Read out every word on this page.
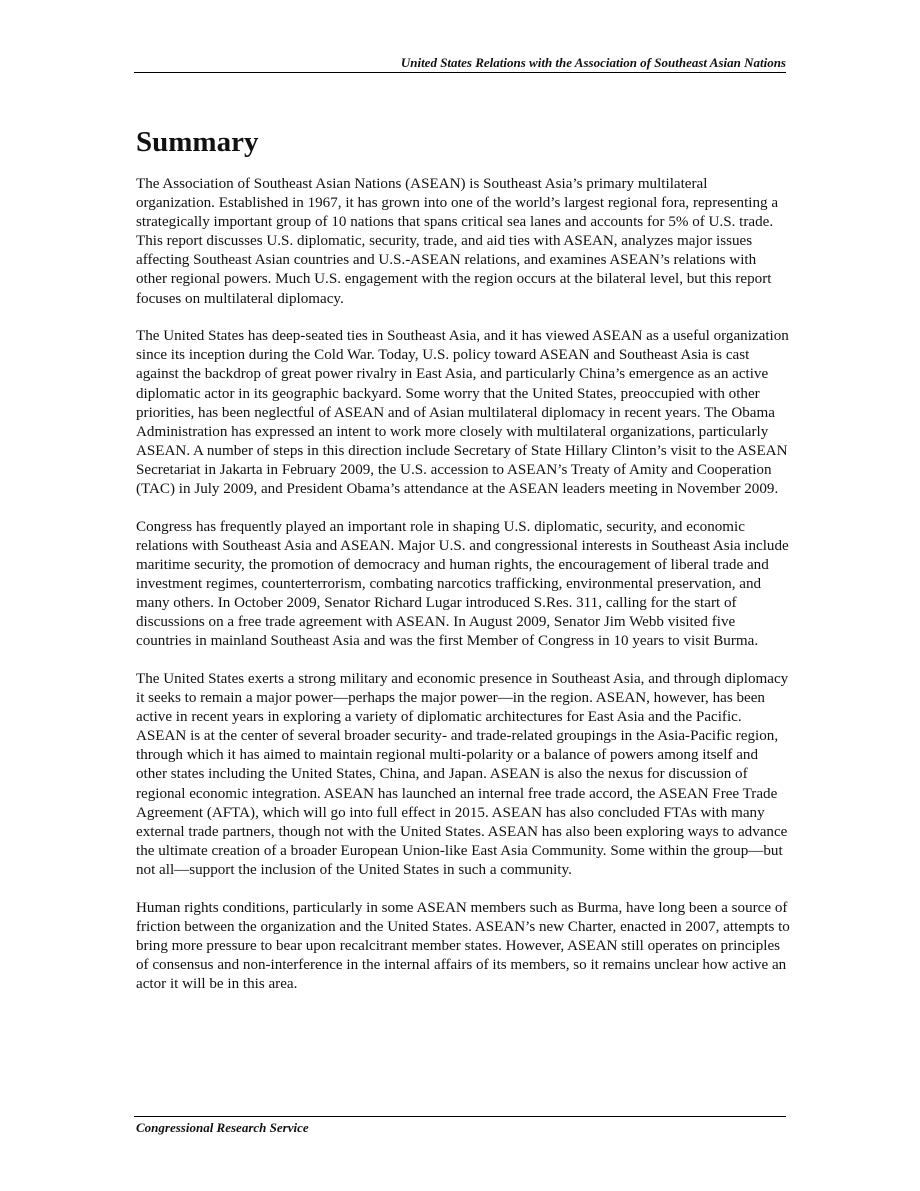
United States Relations with the Association of Southeast Asian Nations
Summary

The Association of Southeast Asian Nations (ASEAN) is Southeast Asia’s primary multilateral organization. Established in 1967, it has grown into one of the world’s largest regional fora, representing a strategically important group of 10 nations that spans critical sea lanes and accounts for 5% of U.S. trade. This report discusses U.S. diplomatic, security, trade, and aid ties with ASEAN, analyzes major issues affecting Southeast Asian countries and U.S.-ASEAN relations, and examines ASEAN’s relations with other regional powers. Much U.S. engagement with the region occurs at the bilateral level, but this report focuses on multilateral diplomacy.

The United States has deep-seated ties in Southeast Asia, and it has viewed ASEAN as a useful organization since its inception during the Cold War. Today, U.S. policy toward ASEAN and Southeast Asia is cast against the backdrop of great power rivalry in East Asia, and particularly China’s emergence as an active diplomatic actor in its geographic backyard. Some worry that the United States, preoccupied with other priorities, has been neglectful of ASEAN and of Asian multilateral diplomacy in recent years. The Obama Administration has expressed an intent to work more closely with multilateral organizations, particularly ASEAN. A number of steps in this direction include Secretary of State Hillary Clinton’s visit to the ASEAN Secretariat in Jakarta in February 2009, the U.S. accession to ASEAN’s Treaty of Amity and Cooperation (TAC) in July 2009, and President Obama’s attendance at the ASEAN leaders meeting in November 2009.

Congress has frequently played an important role in shaping U.S. diplomatic, security, and economic relations with Southeast Asia and ASEAN. Major U.S. and congressional interests in Southeast Asia include maritime security, the promotion of democracy and human rights, the encouragement of liberal trade and investment regimes, counterterrorism, combating narcotics trafficking, environmental preservation, and many others. In October 2009, Senator Richard Lugar introduced S.Res. 311, calling for the start of discussions on a free trade agreement with ASEAN. In August 2009, Senator Jim Webb visited five countries in mainland Southeast Asia and was the first Member of Congress in 10 years to visit Burma.

The United States exerts a strong military and economic presence in Southeast Asia, and through diplomacy it seeks to remain a major power—perhaps the major power—in the region. ASEAN, however, has been active in recent years in exploring a variety of diplomatic architectures for East Asia and the Pacific. ASEAN is at the center of several broader security- and trade-related groupings in the Asia-Pacific region, through which it has aimed to maintain regional multi-polarity or a balance of powers among itself and other states including the United States, China, and Japan. ASEAN is also the nexus for discussion of regional economic integration. ASEAN has launched an internal free trade accord, the ASEAN Free Trade Agreement (AFTA), which will go into full effect in 2015. ASEAN has also concluded FTAs with many external trade partners, though not with the United States. ASEAN has also been exploring ways to advance the ultimate creation of a broader European Union-like East Asia Community. Some within the group—but not all—support the inclusion of the United States in such a community.

Human rights conditions, particularly in some ASEAN members such as Burma, have long been a source of friction between the organization and the United States. ASEAN’s new Charter, enacted in 2007, attempts to bring more pressure to bear upon recalcitrant member states. However, ASEAN still operates on principles of consensus and non-interference in the internal affairs of its members, so it remains unclear how active an actor it will be in this area.

Congressional Research Service
